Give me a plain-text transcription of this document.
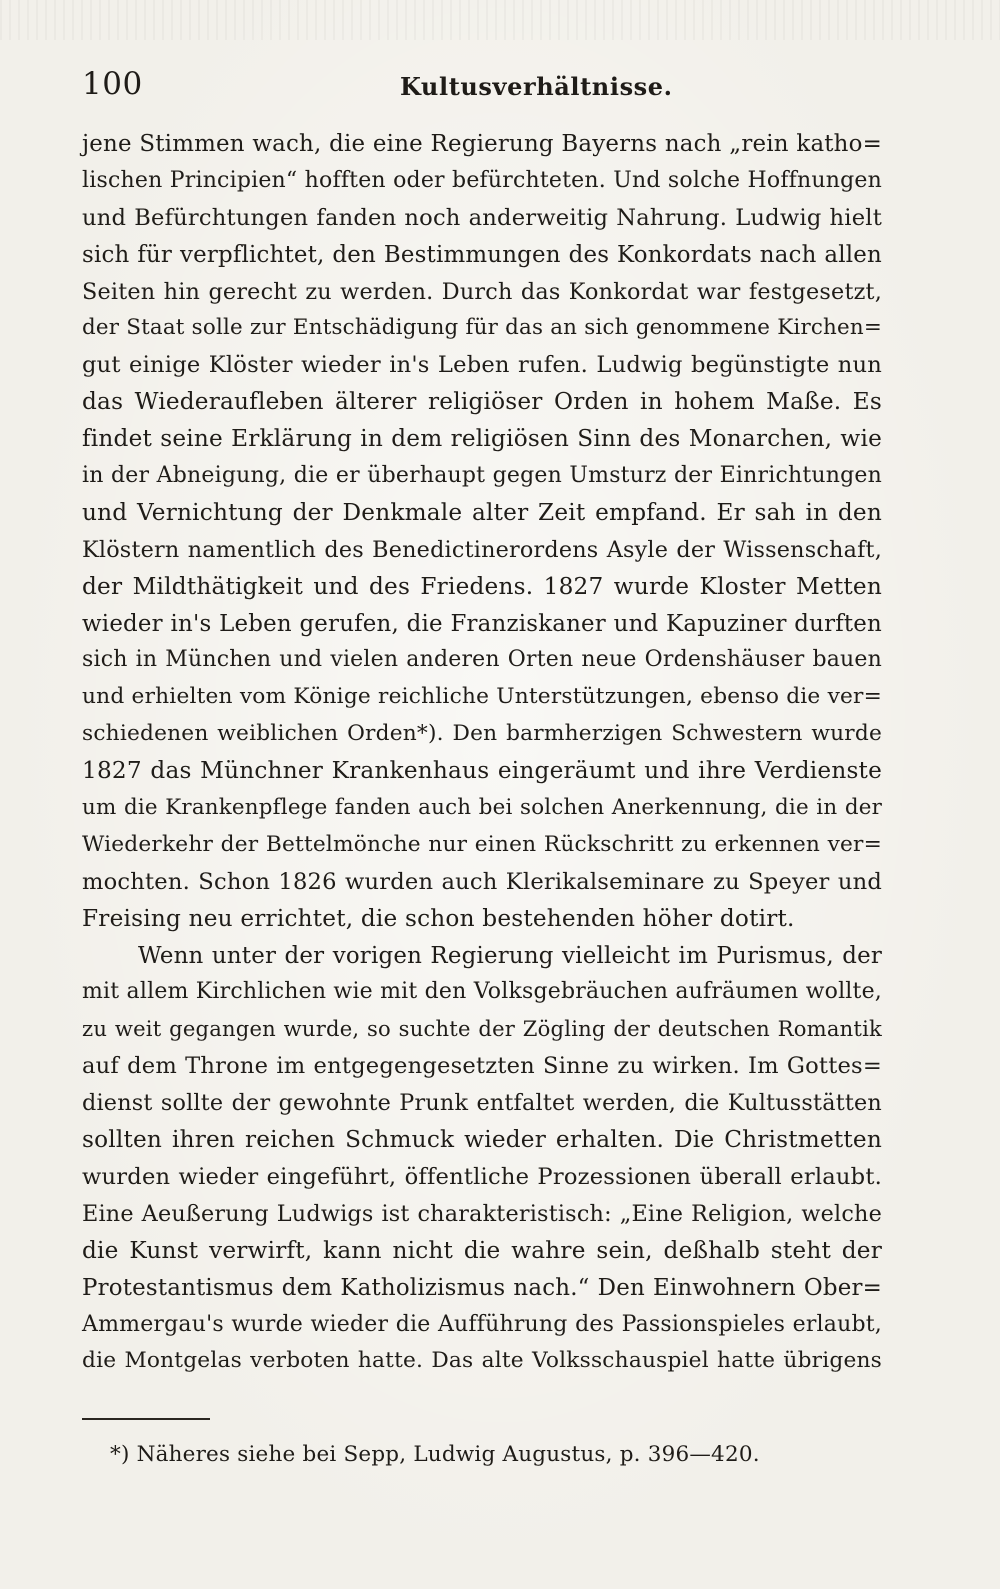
100	Kultusverhältnisse.
jene Stimmen wach, die eine Regierung Bayerns nach „rein katho=
lischen Principien“ hofften oder befürchteten. Und solche Hoffnungen
und Befürchtungen fanden noch anderweitig Nahrung. Ludwig hielt
sich für verpflichtet, den Bestimmungen des Konkordats nach allen
Seiten hin gerecht zu werden. Durch das Konkordat war festgesetzt,
der Staat solle zur Entschädigung für das an sich genommene Kirchen=
gut einige Klöster wieder in's Leben rufen. Ludwig begünstigte nun
das Wiederaufleben älterer religiöser Orden in hohem Maße. Es
findet seine Erklärung in dem religiösen Sinn des Monarchen, wie
in der Abneigung, die er überhaupt gegen Umsturz der Einrichtungen
und Vernichtung der Denkmale alter Zeit empfand. Er sah in den
Klöstern namentlich des Benedictinerordens Asyle der Wissenschaft,
der Mildthätigkeit und des Friedens. 1827 wurde Kloster Metten
wieder in's Leben gerufen, die Franziskaner und Kapuziner durften
sich in München und vielen anderen Orten neue Ordenshäuser bauen
und erhielten vom Könige reichliche Unterstützungen, ebenso die ver=
schiedenen weiblichen Orden*). Den barmherzigen Schwestern wurde
1827 das Münchner Krankenhaus eingeräumt und ihre Verdienste
um die Krankenpflege fanden auch bei solchen Anerkennung, die in der
Wiederkehr der Bettelmönche nur einen Rückschritt zu erkennen ver=
mochten. Schon 1826 wurden auch Klerikalseminare zu Speyer und
Freising neu errichtet, die schon bestehenden höher dotirt.
Wenn unter der vorigen Regierung vielleicht im Purismus, der
mit allem Kirchlichen wie mit den Volksgebräuchen aufräumen wollte,
zu weit gegangen wurde, so suchte der Zögling der deutschen Romantik
auf dem Throne im entgegengesetzten Sinne zu wirken. Im Gottes=
dienst sollte der gewohnte Prunk entfaltet werden, die Kultusstätten
sollten ihren reichen Schmuck wieder erhalten. Die Christmetten
wurden wieder eingeführt, öffentliche Prozessionen überall erlaubt.
Eine Aeußerung Ludwigs ist charakteristisch: „Eine Religion, welche
die Kunst verwirft, kann nicht die wahre sein, deßhalb steht der
Protestantismus dem Katholizismus nach.“ Den Einwohnern Ober=
Ammergau's wurde wieder die Aufführung des Passionspieles erlaubt,
die Montgelas verboten hatte. Das alte Volksschauspiel hatte übrigens
*) Näheres siehe bei Sepp, Ludwig Augustus, p. 396—420.
